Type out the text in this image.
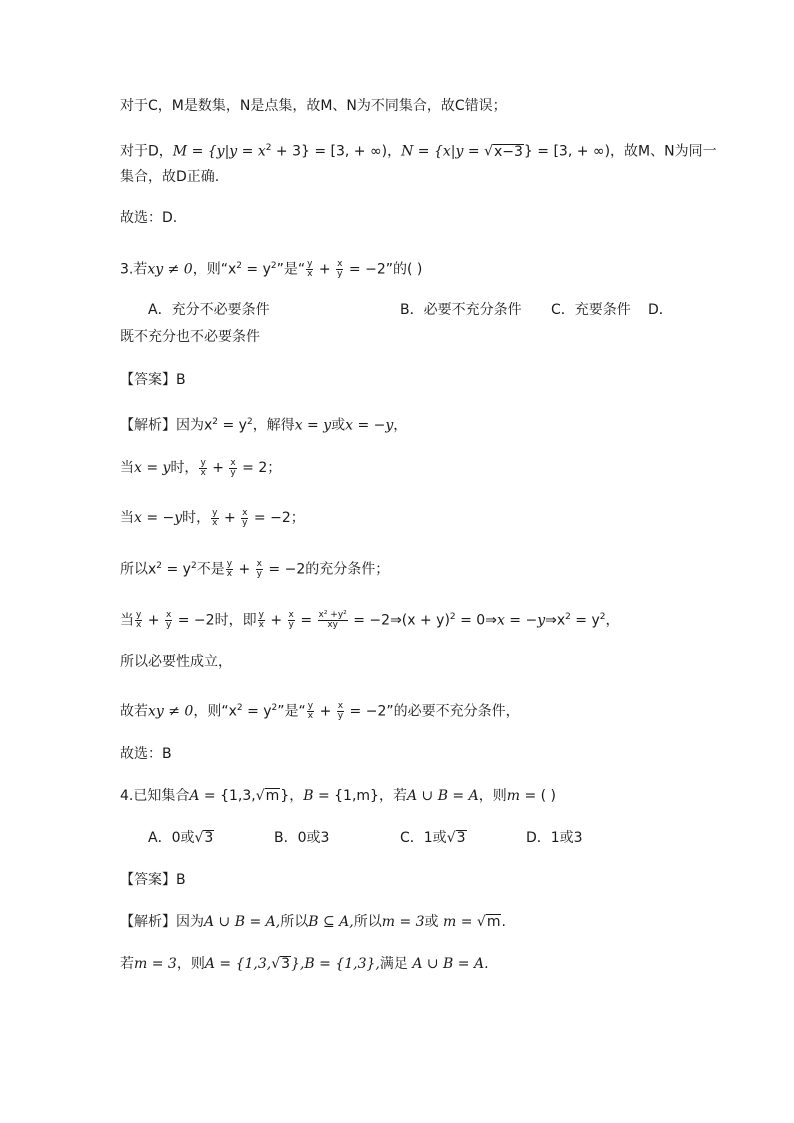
对于C，M是数集，N是点集，故M、N为不同集合，故C错误；
对于D，$M = \{y|y = x^2 + 3\} = [3$, + ∞)，N = {x|y = √x−3} = [3, + ∞)，故M、N为同一
集合，故D正确.
故选：D.
3.若xy ≠ 0，则“$x^2 = y^2$”是“ $\frac{y}{x} + \frac{x}{y} = -2$”的( )
A．充分不必要条件	B．必要不充分条件 C．充要条件 D．
既不充分也不必要条件
【答案】B
【解析】因为$x^2 = y^2$，解得x = y或x = −y，
当x = y时， $\frac{y}{x} + \frac{x}{y} = 2$；
当x = −y时， $\frac{y}{x} + \frac{x}{y} = -2$；
所以$x^2 = y^2$不是 $\frac{y}{x} + \frac{x}{y} = -2$的充分条件；
当 $\frac{y}{x} + \frac{x}{y} = -2$时，即 $\frac{y}{x} + \frac{x}{y} = \frac{\text{x² +y²}}{xy}$ = −2⇒(x + y)$^2$ = 0⇒x = $-y\Rightarrow x^2 = y^2$，
所以必要性成立，
故若xy ≠ 0，则“$x^2 = y^2$”是“ $\frac{y}{x} + \frac{x}{y} = -2$”的必要不充分条件，
故选：B
4.已知集合A = {1,3,√m}，B = {1,m}，若A ∪ B = A，则m = ( )
A．0或√3	B．0或3	C．1或√3	D．1或3
【答案】B
【解析】因为A ∪ B = A,所以B ⊆ A,所以m = 3或 m = √m.
若m = 3，则A = {1,3,√3},B = {1,3},满足 A ∪ B = A.
